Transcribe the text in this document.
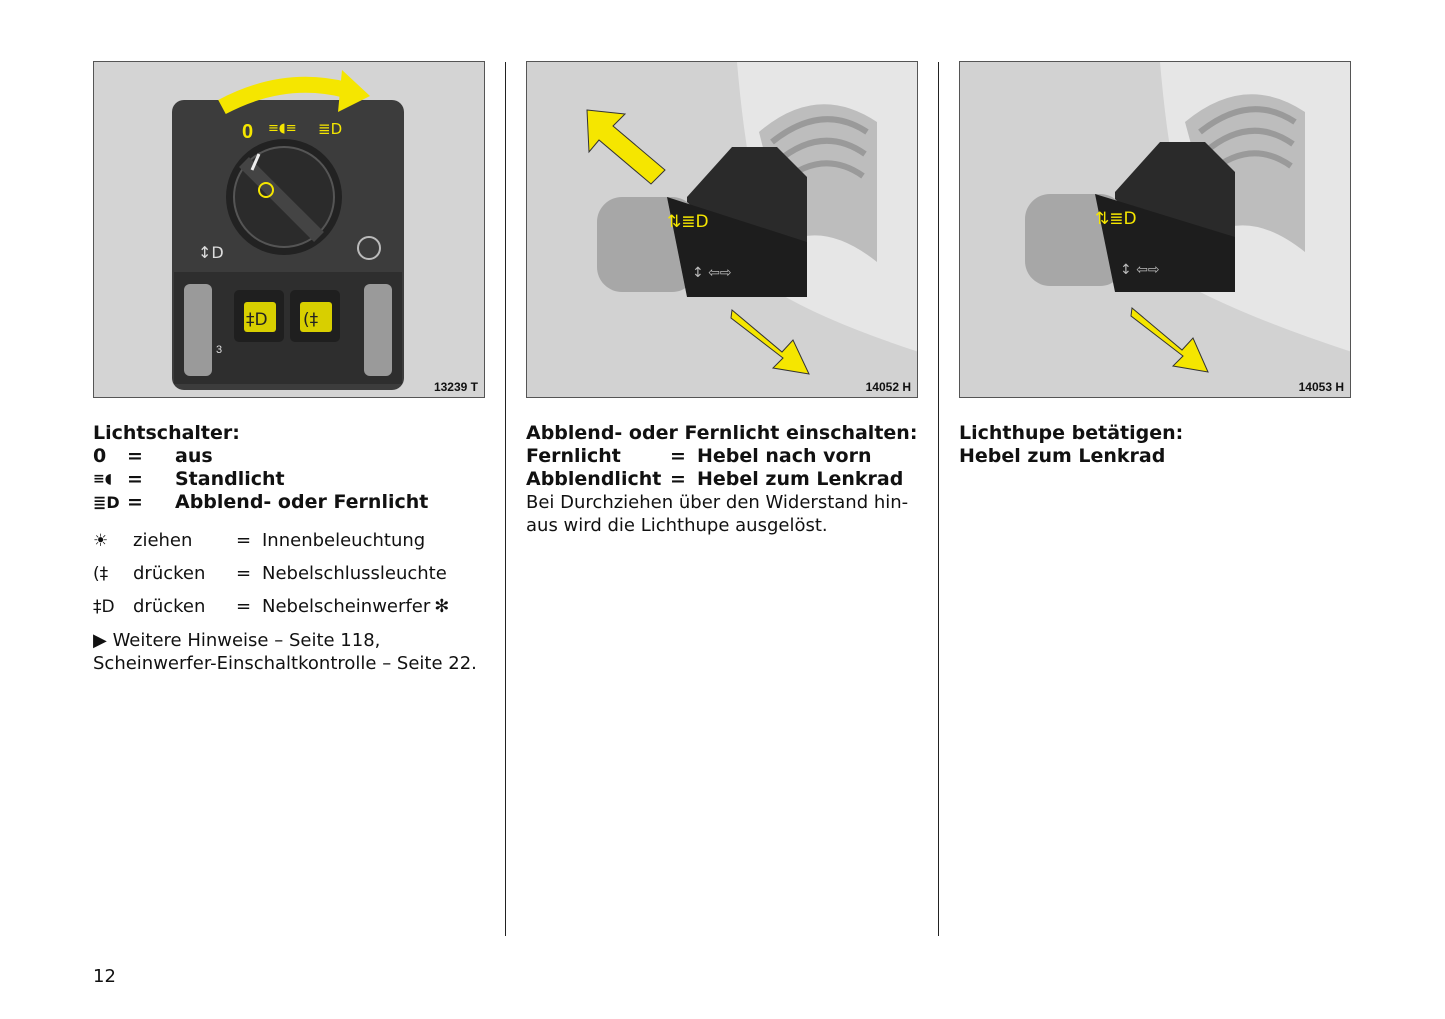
0 ≡◖≡ ≣D
↕D
‡D (‡
3
13239 T
⇅≣D
↕ ⇦⇨
14052 H
⇅≣D
↕ ⇦⇨
14053 H
Lichtschalter:
0	=	aus
≡◖ =	Standlicht
≣D =	Abblend- oder Fernlicht
☀	ziehen	= Innenbeleuchtung
(‡	drücken	= Nebelschlussleuchte
‡D	drücken	= Nebelscheinwerfer ✻
▶ Weitere Hinweise – Seite 118,
Scheinwerfer-Einschaltkontrolle – Seite 22.
Abblend- oder Fernlicht einschalten:
Fernlicht	= Hebel nach vorn
Abblendlicht = Hebel zum Lenkrad
Bei Durchziehen über den Widerstand hin-
aus wird die Lichthupe ausgelöst.
Lichthupe betätigen:
Hebel zum Lenkrad
12
